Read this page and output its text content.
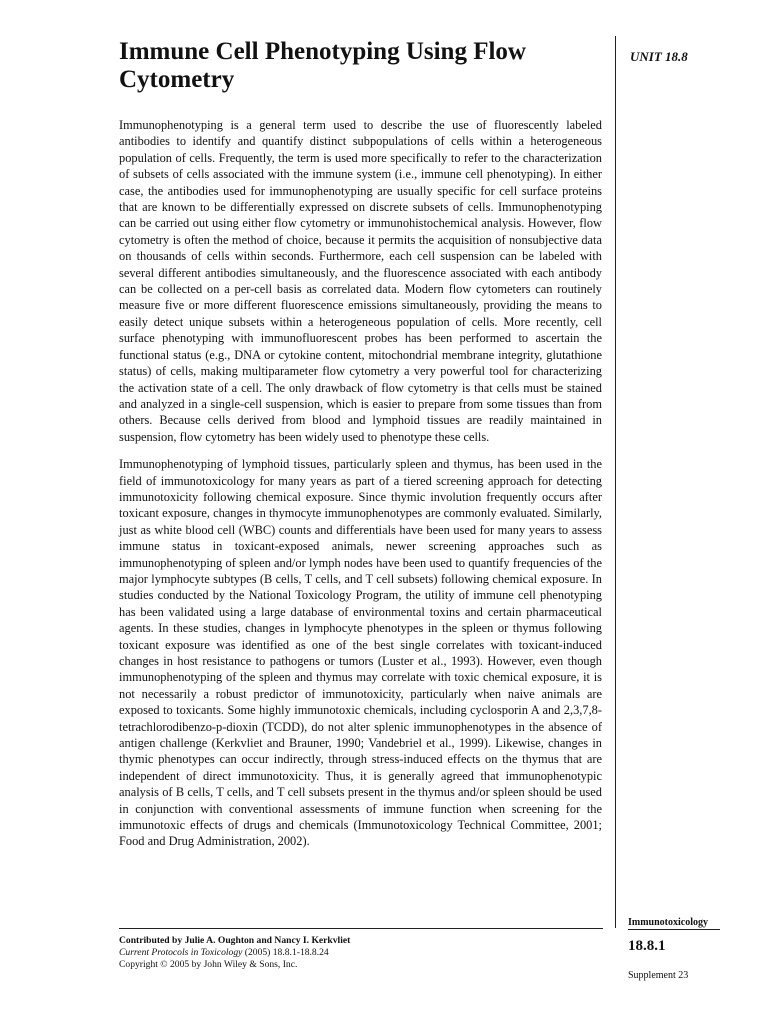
Immune Cell Phenotyping Using Flow
Cytometry
UNIT 18.8

Immunophenotyping is a general term used to describe the use of fluorescently labeled antibodies to identify and quantify distinct subpopulations of cells within a heterogeneous population of cells. Frequently, the term is used more specifically to refer to the characterization of subsets of cells associated with the immune system (i.e., immune cell phenotyping). In either case, the antibodies used for immunophenotyping are usually specific for cell surface proteins that are known to be differentially expressed on discrete subsets of cells. Immunophenotyping can be carried out using either flow cytometry or immunohistochemical analysis. However, flow cytometry is often the method of choice, because it permits the acquisition of nonsubjective data on thousands of cells within seconds. Furthermore, each cell suspension can be labeled with several different antibodies simultaneously, and the fluorescence associated with each antibody can be collected on a per-cell basis as correlated data. Modern flow cytometers can routinely measure five or more different fluorescence emissions simultaneously, providing the means to easily detect unique subsets within a heterogeneous population of cells. More recently, cell surface phenotyping with immunofluorescent probes has been performed to ascertain the functional status (e.g., DNA or cytokine content, mitochondrial membrane integrity, glutathione status) of cells, making multiparameter flow cytometry a very powerful tool for characterizing the activation state of a cell. The only drawback of flow cytometry is that cells must be stained and analyzed in a single-cell suspension, which is easier to prepare from some tissues than from others. Because cells derived from blood and lymphoid tissues are readily maintained in suspension, flow cytometry has been widely used to phenotype these cells.

Immunophenotyping of lymphoid tissues, particularly spleen and thymus, has been used in the field of immunotoxicology for many years as part of a tiered screening approach for detecting immunotoxicity following chemical exposure. Since thymic involution frequently occurs after toxicant exposure, changes in thymocyte immunophenotypes are commonly evaluated. Similarly, just as white blood cell (WBC) counts and differentials have been used for many years to assess immune status in toxicant-exposed animals, newer screening approaches such as immunophenotyping of spleen and/or lymph nodes have been used to quantify frequencies of the major lymphocyte subtypes (B cells, T cells, and T cell subsets) following chemical exposure. In studies conducted by the National Toxicology Program, the utility of immune cell phenotyping has been validated using a large database of environmental toxins and certain pharmaceutical agents. In these studies, changes in lymphocyte phenotypes in the spleen or thymus following toxicant exposure was identified as one of the best single correlates with toxicant-induced changes in host resistance to pathogens or tumors (Luster et al., 1993). However, even though immunophenotyping of the spleen and thymus may correlate with toxic chemical exposure, it is not necessarily a robust predictor of immunotoxicity, particularly when naive animals are exposed to toxicants. Some highly immunotoxic chemicals, including cyclosporin A and 2,3,7,8-tetrachlorodibenzo-p-dioxin (TCDD), do not alter splenic immunophenotypes in the absence of antigen challenge (Kerkvliet and Brauner, 1990; Vandebriel et al., 1999). Likewise, changes in thymic phenotypes can occur indirectly, through stress-induced effects on the thymus that are independent of direct immunotoxicity. Thus, it is generally agreed that immunophenotypic analysis of B cells, T cells, and T cell subsets present in the thymus and/or spleen should be used in conjunction with conventional assessments of immune function when screening for the immunotoxic effects of drugs and chemicals (Immunotoxicology Technical Committee, 2001; Food and Drug Administration, 2002).

Contributed by Julie A. Oughton and Nancy I. Kerkvliet
Current Protocols in Toxicology (2005) 18.8.1-18.8.24
Copyright © 2005 by John Wiley & Sons, Inc.
Immunotoxicology
18.8.1
Supplement 23
